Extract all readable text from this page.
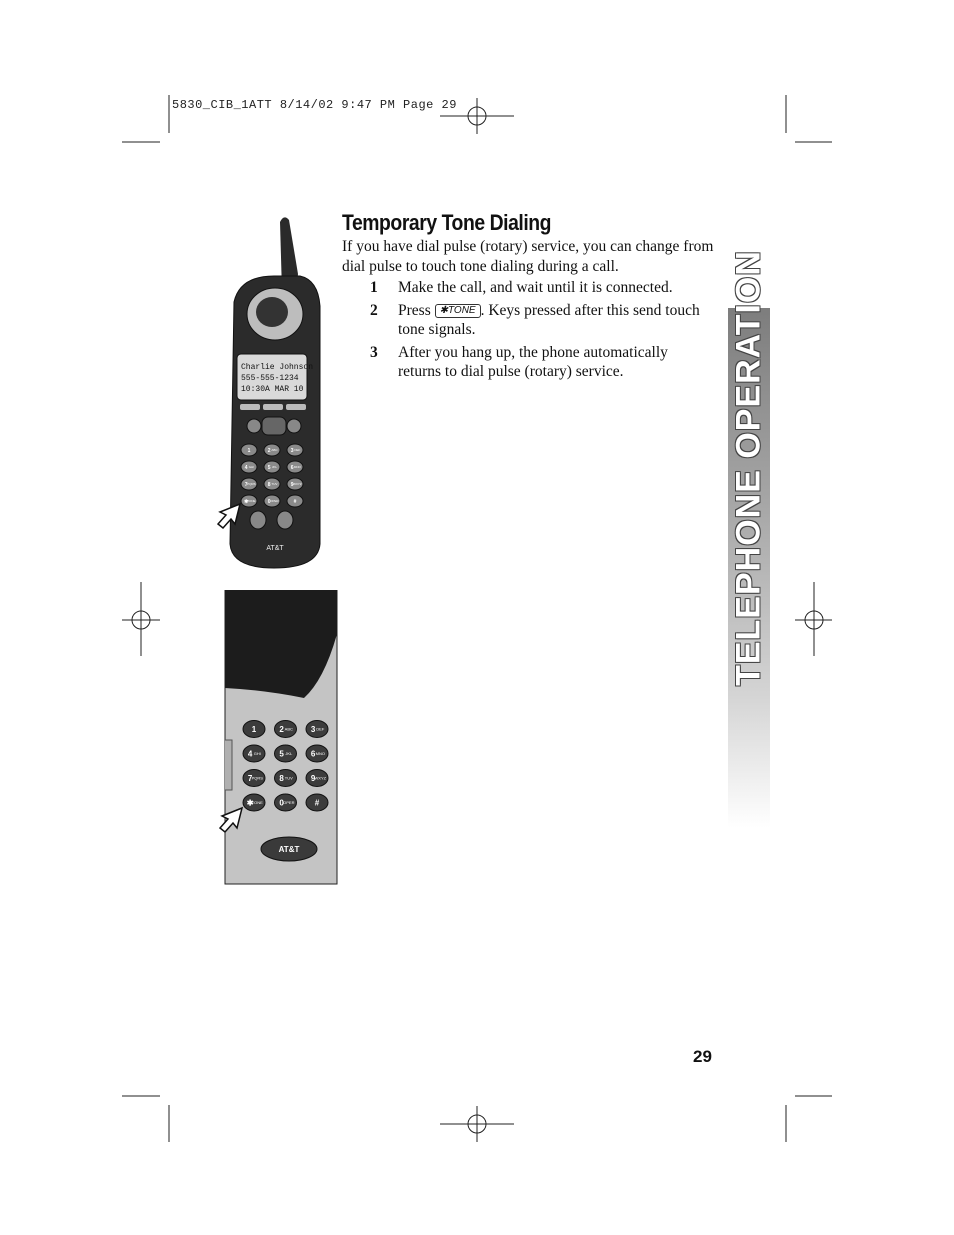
5830_CIB_1ATT 8/14/02 9:47 PM Page 29
Charlie Johnson
555-555-1234
10:30A MAR 10
1	2 ABC	3 DEF
4 GHI	5 JKL	6 MNO
7 PQRS 8 TUV	9 WXYZ
✱
TONE 0 OPER	#
AT&T
1	2 ABC 3 DEF
4 GHI 5 JKL 6 MNO
7 PQRS 8 TUV 9 WXYZ
✱
TONE 0 OPER	#
AT&T
Temporary Tone Dialing
If you have dial pulse (rotary) service, you can change from dial pulse to touch tone dialing during a call.
1 Make the call, and wait until it is connected.
2 Press ✱TONE . Keys pressed after this send touch tone signals.
3 After you hang up, the phone automatically returns to dial pulse (rotary) service.	TELEPHONE OPERATION
29
